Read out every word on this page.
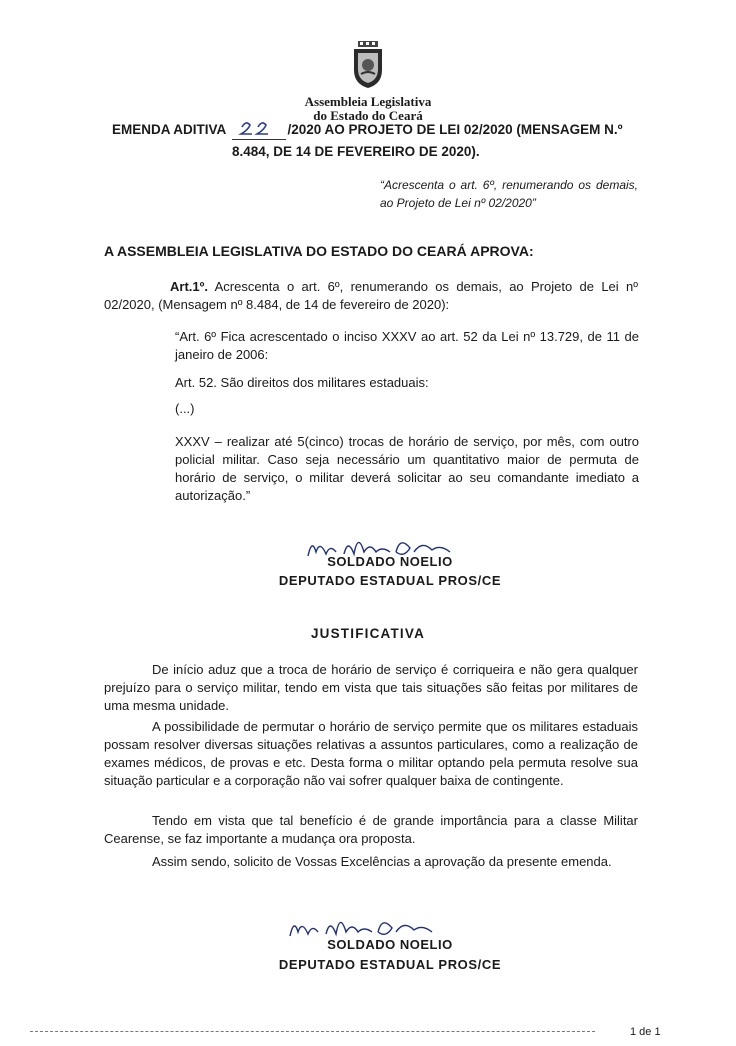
Assembleia Legislativa
do Estado do Ceará
EMENDA ADITIVA	/2020 AO PROJETO DE LEI 02/2020 (MENSAGEM N.º
8.484, DE 14 DE FEVEREIRO DE 2020).
“Acrescenta o art. 6º, renumerando os demais, ao Projeto de Lei nº 02/2020”
A ASSEMBLEIA LEGISLATIVA DO ESTADO DO CEARÁ APROVA:
Art.1º. Acrescenta o art. 6º, renumerando os demais, ao Projeto de Lei nº 02/2020, (Mensagem nº 8.484, de 14 de fevereiro de 2020):
“Art. 6º Fica acrescentado o inciso XXXV ao art. 52 da Lei nº 13.729, de 11 de janeiro de 2006:
Art. 52. São direitos dos militares estaduais:
(...)
XXXV – realizar até 5(cinco) trocas de horário de serviço, por mês, com outro policial militar. Caso seja necessário um quantitativo maior de permuta de horário de serviço, o militar deverá solicitar ao seu comandante imediato a autorização.”
SOLDADO NOELIO
DEPUTADO ESTADUAL PROS/CE
JUSTIFICATIVA
De início aduz que a troca de horário de serviço é corriqueira e não gera qualquer prejuízo para o serviço militar, tendo em vista que tais situações são feitas por militares de uma mesma unidade.
A possibilidade de permutar o horário de serviço permite que os militares estaduais possam resolver diversas situações relativas a assuntos particulares, como a realização de exames médicos, de provas e etc. Desta forma o militar optando pela permuta resolve sua situação particular e a corporação não vai sofrer qualquer baixa de contingente.
Tendo em vista que tal benefício é de grande importância para a classe Militar Cearense, se faz importante a mudança ora proposta.
Assim sendo, solicito de Vossas Excelências a aprovação da presente emenda.
SOLDADO NOELIO
DEPUTADO ESTADUAL PROS/CE
1 de 1
